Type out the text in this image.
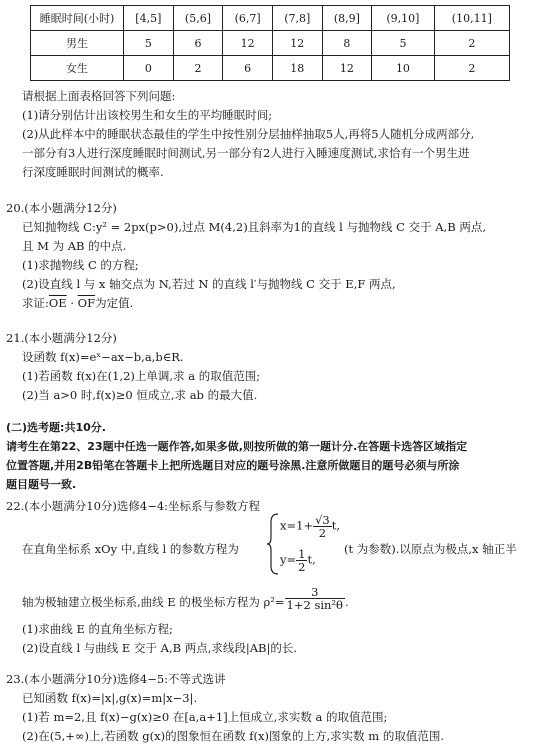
睡眠时间(小时)	[4,5]	(5,6]	(6,7]	(7,8]	(8,9]	(9,10]	(10,11]
男生	5	6	12	12	8	5	2
女生	0	2	6	18	12	10	2
请根据上面表格回答下列问题:
(1)请分别估计出该校男生和女生的平均睡眠时间;
(2)从此样本中的睡眠状态最佳的学生中按性别分层抽样抽取5人,再将5人随机分成两部分,
一部分有3人进行深度睡眠时间测试,另一部分有2人进行入睡速度测试,求恰有一个男生进
行深度睡眠时间测试的概率.
20.(本小题满分12分)
已知抛物线 C:y² = 2px(p>0),过点 M(4,2)且斜率为1的直线 l 与抛物线 C 交于 A,B 两点,
且 M 为 AB 的中点.
(1)求抛物线 C 的方程;
(2)设直线 l 与 x 轴交点为 N,若过 N 的直线 l′与抛物线 C 交于 E,F 两点,
求证$:\overline{OE} \cdot \overline{OF}$为定值.
21.(本小题满分12分)
设函数 f(x)=eˣ−ax−b,a,b∈R.
(1)若函数 f(x)在(1,2)上单调,求 a 的取值范围;
(2)当 a>0 时,f(x)≥0 恒成立,求 ab 的最大值.
(二)选考题:共10分.
请考生在第22、23题中任选一题作答,如果多做,则按所做的第一题计分.在答题卡选答区域指定
位置答题,并用2B铅笔在答题卡上把所选题目对应的题号涂黑.注意所做题目的题号必须与所涂
题目题号一致.
22.(本小题满分10分)选修4−4:坐标系与参数方程
在直角坐标系 xOy 中,直线 l 的参数方程为
$x=1+ \frac{√3}{2} t$,
$y= \frac{1}{2} t$,
(t 为参数).以原点为极点,x 轴正半
轴为极轴建立极坐标系,曲线 E 的极坐标方程为 $\rho^2= \frac{3}{\text{1+2 sin²θ}}$ .
(1)求曲线 E 的直角坐标方程;
(2)设直线 l 与曲线 E 交于 A,B 两点,求线段|AB|的长.
23.(本小题满分10分)选修4−5:不等式选讲
已知函数 f(x)=|x|,g(x)=m|x−3|.
(1)若 m=2,且 f(x)−g(x)≥0 在[a,a+1]上恒成立,求实数 a 的取值范围;
(2)在(5,+∞)上,若函数 g(x)的图象恒在函数 f(x)图象的上方,求实数 m 的取值范围.
